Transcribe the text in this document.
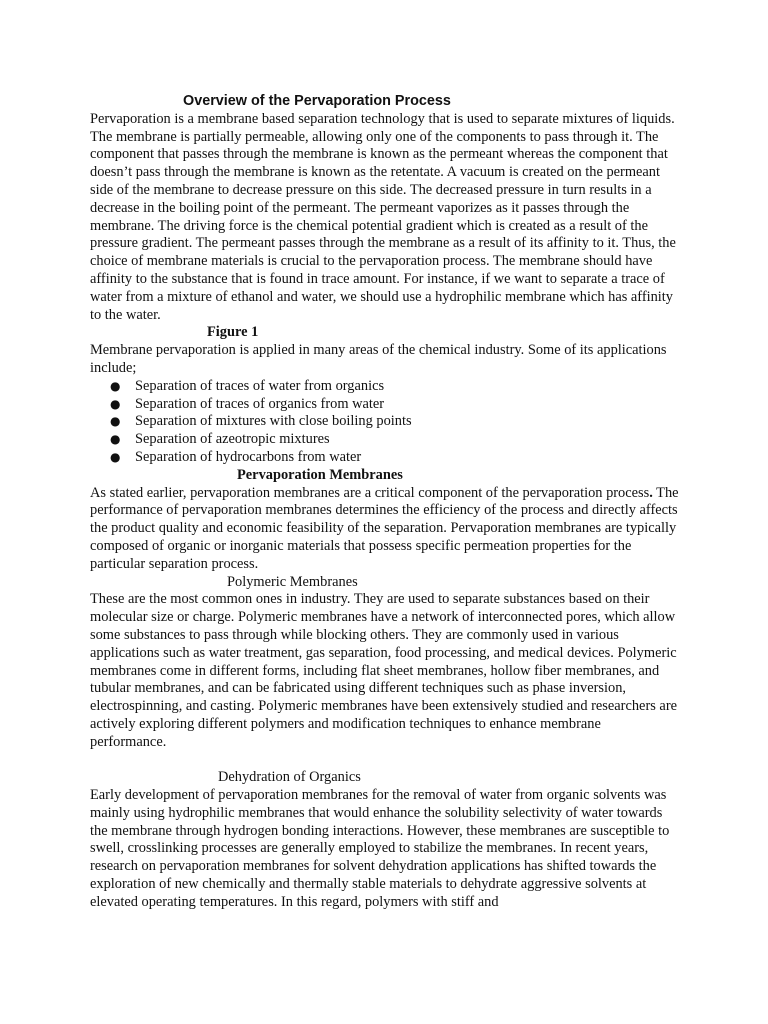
Overview of the Pervaporation Process

Pervaporation is a membrane based separation technology that is used to separate mixtures of liquids. The membrane is partially permeable, allowing only one of the components to pass through it. The component that passes through the membrane is known as the permeant whereas the component that doesn’t pass through the membrane is known as the retentate. A vacuum is created on the permeant side of the membrane to decrease pressure on this side. The decreased pressure in turn results in a decrease in the boiling point of the permeant. The permeant vaporizes as it passes through the membrane. The driving force is the chemical potential gradient which is created as a result of the pressure gradient. The permeant passes through the membrane as a result of its affinity to it. Thus, the choice of membrane materials is crucial to the pervaporation process. The membrane should have affinity to the substance that is found in trace amount. For instance, if we want to separate a trace of water from a mixture of ethanol and water, we should use a hydrophilic membrane which has affinity to the water.

Figure 1

Membrane pervaporation is applied in many areas of the chemical industry. Some of its applications include;

● Separation of traces of water from organics
● Separation of traces of organics from water
● Separation of mixtures with close boiling points
● Separation of azeotropic mixtures
● Separation of hydrocarbons from water
Pervaporation Membranes

As stated earlier, pervaporation membranes are a critical component of the pervaporation process. The performance of pervaporation membranes determines the efficiency of the process and directly affects the product quality and economic feasibility of the separation. Pervaporation membranes are typically composed of organic or inorganic materials that possess specific permeation properties for the particular separation process.

Polymeric Membranes

These are the most common ones in industry. They are used to separate substances based on their molecular size or charge. Polymeric membranes have a network of interconnected pores, which allow some substances to pass through while blocking others. They are commonly used in various applications such as water treatment, gas separation, food processing, and medical devices. Polymeric membranes come in different forms, including flat sheet membranes, hollow fiber membranes, and tubular membranes, and can be fabricated using different techniques such as phase inversion, electrospinning, and casting. Polymeric membranes have been extensively studied and researchers are actively exploring different polymers and modification techniques to enhance membrane performance.

Dehydration of Organics

Early development of pervaporation membranes for the removal of water from organic solvents was mainly using hydrophilic membranes that would enhance the solubility selectivity of water towards the membrane through hydrogen bonding interactions. However, these membranes are susceptible to swell, crosslinking processes are generally employed to stabilize the membranes. In recent years, research on pervaporation membranes for solvent dehydration applications has shifted towards the exploration of new chemically and thermally stable materials to dehydrate aggressive solvents at elevated operating temperatures. In this regard, polymers with stiff and
